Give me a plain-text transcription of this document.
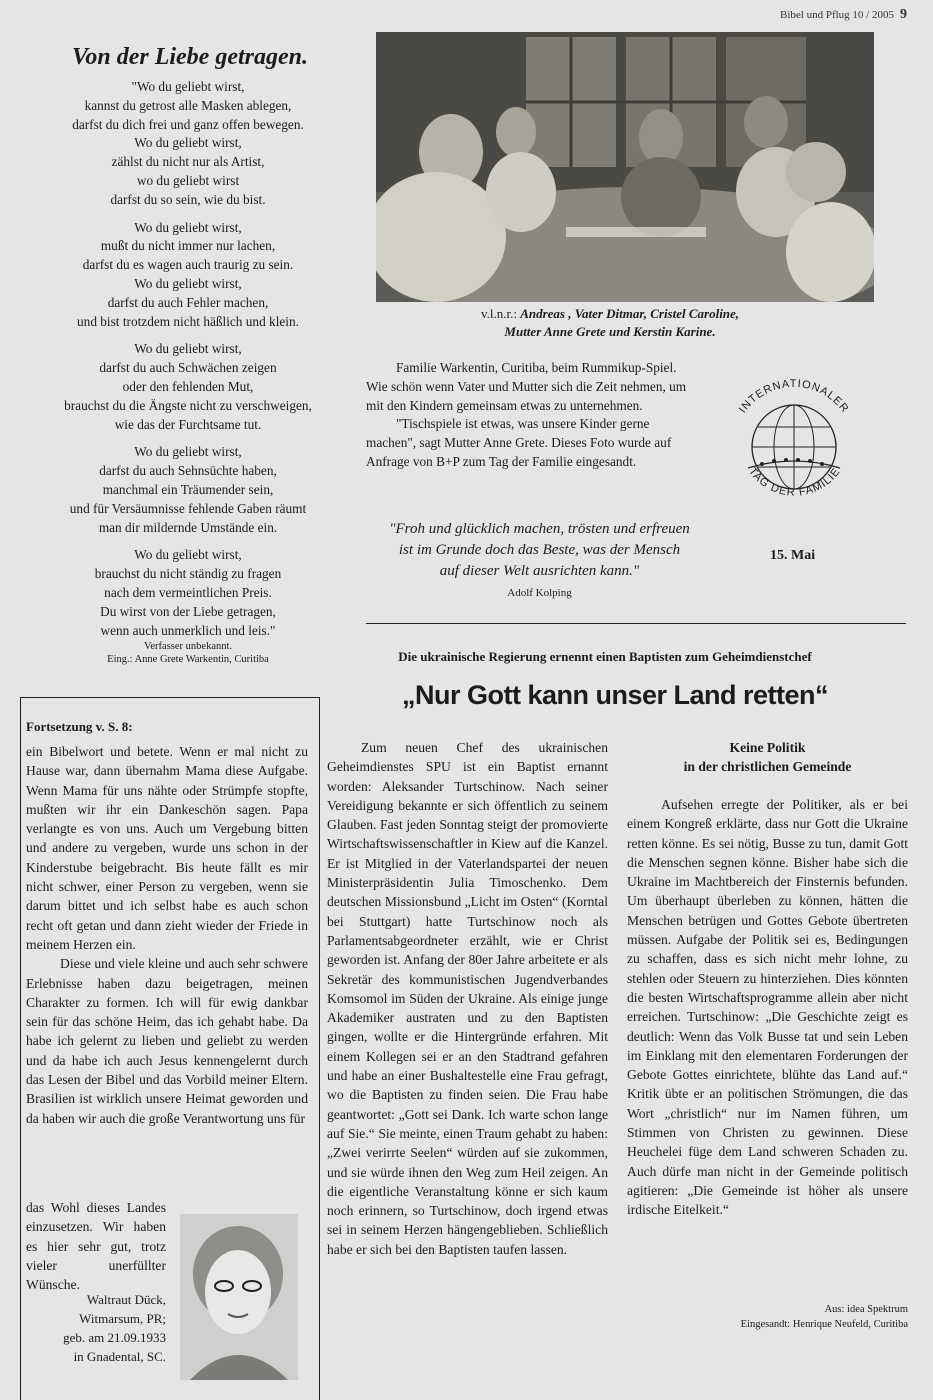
Bibel und Pflug 10 / 2005 9
Von der Liebe getragen.
"Wo du geliebt wirst,
kannst du getrost alle Masken ablegen,
darfst du dich frei und ganz offen bewegen.
Wo du geliebt wirst,
zählst du nicht nur als Artist,
wo du geliebt wirst
darfst du so sein, wie du bist.
Wo du geliebt wirst,
mußt du nicht immer nur lachen,
darfst du es wagen auch traurig zu sein.
Wo du geliebt wirst,
darfst du auch Fehler machen,
und bist trotzdem nicht häßlich und klein.
Wo du geliebt wirst,
darfst du auch Schwächen zeigen
oder den fehlenden Mut,
brauchst du die Ängste nicht zu verschweigen,
wie das der Furchtsame tut.
Wo du geliebt wirst,
darfst du auch Sehnsüchte haben,
manchmal ein Träumender sein,
und für Versäumnisse fehlende Gaben räumt
man dir mildernde Umstände ein.
Wo du geliebt wirst,
brauchst du nicht ständig zu fragen
nach dem vermeintlichen Preis.
Du wirst von der Liebe getragen,
wenn auch unmerklich und leis."
Verfasser unbekannt.
Eing.: Anne Grete Warkentin, Curitiba
v.l.n.r.: Andreas , Vater Ditmar, Cristel Caroline,
Mutter Anne Grete und Kerstin Karine.

Familie Warkentin, Curitiba, beim Rummikup-Spiel. Wie schön wenn Vater und Mutter sich die Zeit nehmen, um mit den Kindern gemeinsam etwas zu unternehmen.

"Tischspiele ist etwas, was unsere Kinder gerne machen", sagt Mutter Anne Grete. Dieses Foto wurde auf Anfrage von B+P zum Tag der Familie eingesandt.

"Froh und glücklich machen, trösten und erfreuen
ist im Grunde doch das Beste, was der Mensch
auf dieser Welt ausrichten kann."
Adolf Kolping
INTERNATIONALER
TAG DER FAMILIE
15. Mai
Die ukrainische Regierung ernennt einen Baptisten zum Geheimdienstchef
„Nur Gott kann unser Land retten“
Fortsetzung v. S. 8:

ein Bibelwort und betete. Wenn er mal nicht zu Hause war, dann übernahm Mama diese Aufgabe. Wenn Mama für uns nähte oder Strümpfe stopfte, mußten wir ihr ein Dankeschön sagen. Papa verlangte es von uns. Auch um Vergebung bitten und andere zu vergeben, wurde uns schon in der Kinderstube beigebracht. Bis heute fällt es mir nicht schwer, einer Person zu vergeben, wenn sie darum bittet und ich selbst habe es auch schon recht oft getan und dann zieht wieder der Friede in meinem Herzen ein.

Diese und viele kleine und auch sehr schwere Erlebnisse haben dazu beigetragen, meinen Charakter zu formen. Ich will für ewig dankbar sein für das schöne Heim, das ich gehabt habe. Da habe ich gelernt zu lieben und geliebt zu werden und da habe ich auch Jesus kennengelernt durch das Lesen der Bibel und das Vorbild meiner Eltern. Brasilien ist wirklich unsere Heimat geworden und da haben wir auch die große Verantwortung uns für

das Wohl dieses Landes einzusetzen. Wir haben es hier sehr gut, trotz vieler unerfüllter Wünsche.

Waltraut Dück,
Witmarsum, PR;
geb. am 21.09.1933
in Gnadental, SC.

Zum neuen Chef des ukrainischen Geheimdienstes SPU ist ein Baptist ernannt worden: Aleksander Turtschinow. Nach seiner Vereidigung bekannte er sich öffentlich zu seinem Glauben. Fast jeden Sonntag steigt der promovierte Wirtschaftswissenschaftler in Kiew auf die Kanzel. Er ist Mitglied in der Vaterlandspartei der neuen Ministerpräsidentin Julia Timoschenko. Dem deutschen Missionsbund „Licht im Osten“ (Korntal bei Stuttgart) hatte Turtschinow noch als Parlamentsabgeordneter erzählt, wie er Christ geworden ist. Anfang der 80er Jahre arbeitete er als Sekretär des kommunistischen Jugendverbandes Komsomol im Süden der Ukraine. Als einige junge Akademiker austraten und zu den Baptisten gingen, wollte er die Hintergründe erfahren. Mit einem Kollegen sei er an den Stadtrand gefahren und habe an einer Bushaltestelle eine Frau gefragt, wo die Baptisten zu finden seien. Die Frau habe geantwortet: „Gott sei Dank. Ich warte schon lange auf Sie.“ Sie meinte, einen Traum gehabt zu haben: „Zwei verirrte Seelen“ würden auf sie zukommen, und sie würde ihnen den Weg zum Heil zeigen. An die eigentliche Veranstaltung könne er sich kaum noch erinnern, so Turtschinow, doch irgend etwas sei in seinem Herzen hängengeblieben. Schließlich habe er sich bei den Baptisten taufen lassen.

Keine Politik
in der christlichen Gemeinde

Aufsehen erregte der Politiker, als er bei einem Kongreß erklärte, dass nur Gott die Ukraine retten könne. Es sei nötig, Busse zu tun, damit Gott die Menschen segnen könne. Bisher habe sich die Ukraine im Machtbereich der Finsternis befunden. Um überhaupt überleben zu können, hätten die Menschen betrügen und Gottes Gebote übertreten müssen. Aufgabe der Politik sei es, Bedingungen zu schaffen, dass es sich nicht mehr lohne, zu stehlen oder Steuern zu hinterziehen. Dies könnten die besten Wirtschaftsprogramme allein aber nicht erreichen. Turtschinow: „Die Geschichte zeigt es deutlich: Wenn das Volk Busse tat und sein Leben im Einklang mit den elementaren Forderungen der Gebote Gottes einrichtete, blühte das Land auf.“ Kritik übte er an politischen Strömungen, die das Wort „christlich“ nur im Namen führen, um Stimmen von Christen zu gewinnen. Diese Heuchelei füge dem Land schweren Schaden zu. Auch dürfe man nicht in der Gemeinde politisch agitieren: „Die Gemeinde ist höher als unsere irdische Eitelkeit.“

Aus: idea Spektrum
Eingesandt: Henrique Neufeld, Curitiba
